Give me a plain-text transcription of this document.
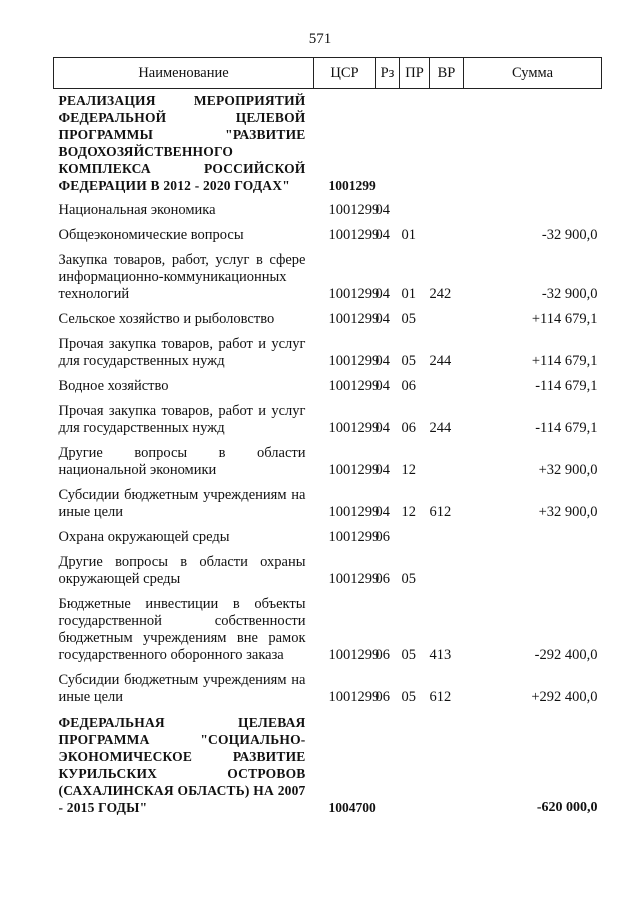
571
Наименование	ЦСР	Рз	ПР	ВР	Сумма
РЕАЛИЗАЦИЯ МЕРОПРИЯТИЙ ФЕДЕРАЛЬНОЙ ЦЕЛЕВОЙ ПРОГРАММЫ "РАЗВИТИЕ ВОДОХОЗЯЙСТВЕННОГО КОМПЛЕКСА РОССИЙСКОЙ ФЕДЕРАЦИИ В 2012 - 2020 ГОДАХ"	1001299				
Национальная экономика	1001299	04			
Общеэкономические вопросы	1001299	04	01		-32 900,0
Закупка товаров, работ, услуг в сфере информационно-коммуникационных технологий	1001299	04	01	242	-32 900,0
Сельское хозяйство и рыболовство	1001299	04	05		+114 679,1
Прочая закупка товаров, работ и услуг для государственных нужд	1001299	04	05	244	+114 679,1
Водное хозяйство	1001299	04	06		-114 679,1
Прочая закупка товаров, работ и услуг для государственных нужд	1001299	04	06	244	-114 679,1
Другие вопросы в области национальной экономики	1001299	04	12		+32 900,0
Субсидии бюджетным учреждениям на иные цели	1001299	04	12	612	+32 900,0
Охрана окружающей среды	1001299	06			
Другие вопросы в области охраны окружающей среды	1001299	06	05		
Бюджетные инвестиции в объекты государственной собственности бюджетным учреждениям вне рамок государственного оборонного заказа	1001299	06	05	413	-292 400,0
Субсидии бюджетным учреждениям на иные цели	1001299	06	05	612	+292 400,0
ФЕДЕРАЛЬНАЯ ЦЕЛЕВАЯ ПРОГРАММА "СОЦИАЛЬНО-ЭКОНОМИЧЕСКОЕ РАЗВИТИЕ КУРИЛЬСКИХ ОСТРОВОВ (САХАЛИНСКАЯ ОБЛАСТЬ) НА 2007 - 2015 ГОДЫ"	1004700				-620 000,0
